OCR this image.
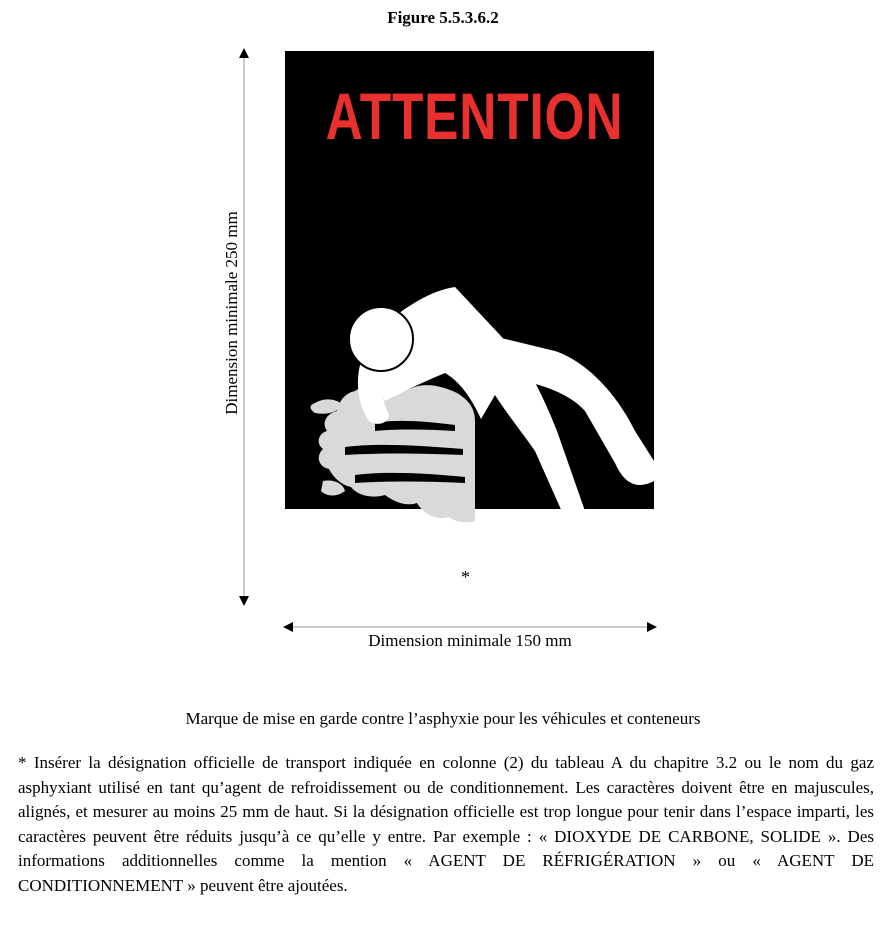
Figure 5.5.3.6.2
Dimension minimale 250 mm
ATTENTION
*
Dimension minimale 150 mm
Marque de mise en garde contre l’asphyxie pour les véhicules et conteneurs
* Insérer la désignation officielle de transport indiquée en colonne (2) du tableau A du chapitre 3.2 ou le nom du gaz asphyxiant utilisé en tant qu’agent de refroidissement ou de conditionnement. Les caractères doivent être en majuscules, alignés, et mesurer au moins 25 mm de haut. Si la désignation officielle est trop longue pour tenir dans l’espace imparti, les caractères peuvent être réduits jusqu’à ce qu’elle y entre. Par exemple : « DIOXYDE DE CARBONE, SOLIDE ». Des informations additionnelles comme la mention « AGENT DE RÉFRIGÉRATION » ou « AGENT DE CONDITIONNEMENT » peuvent être ajoutées.
